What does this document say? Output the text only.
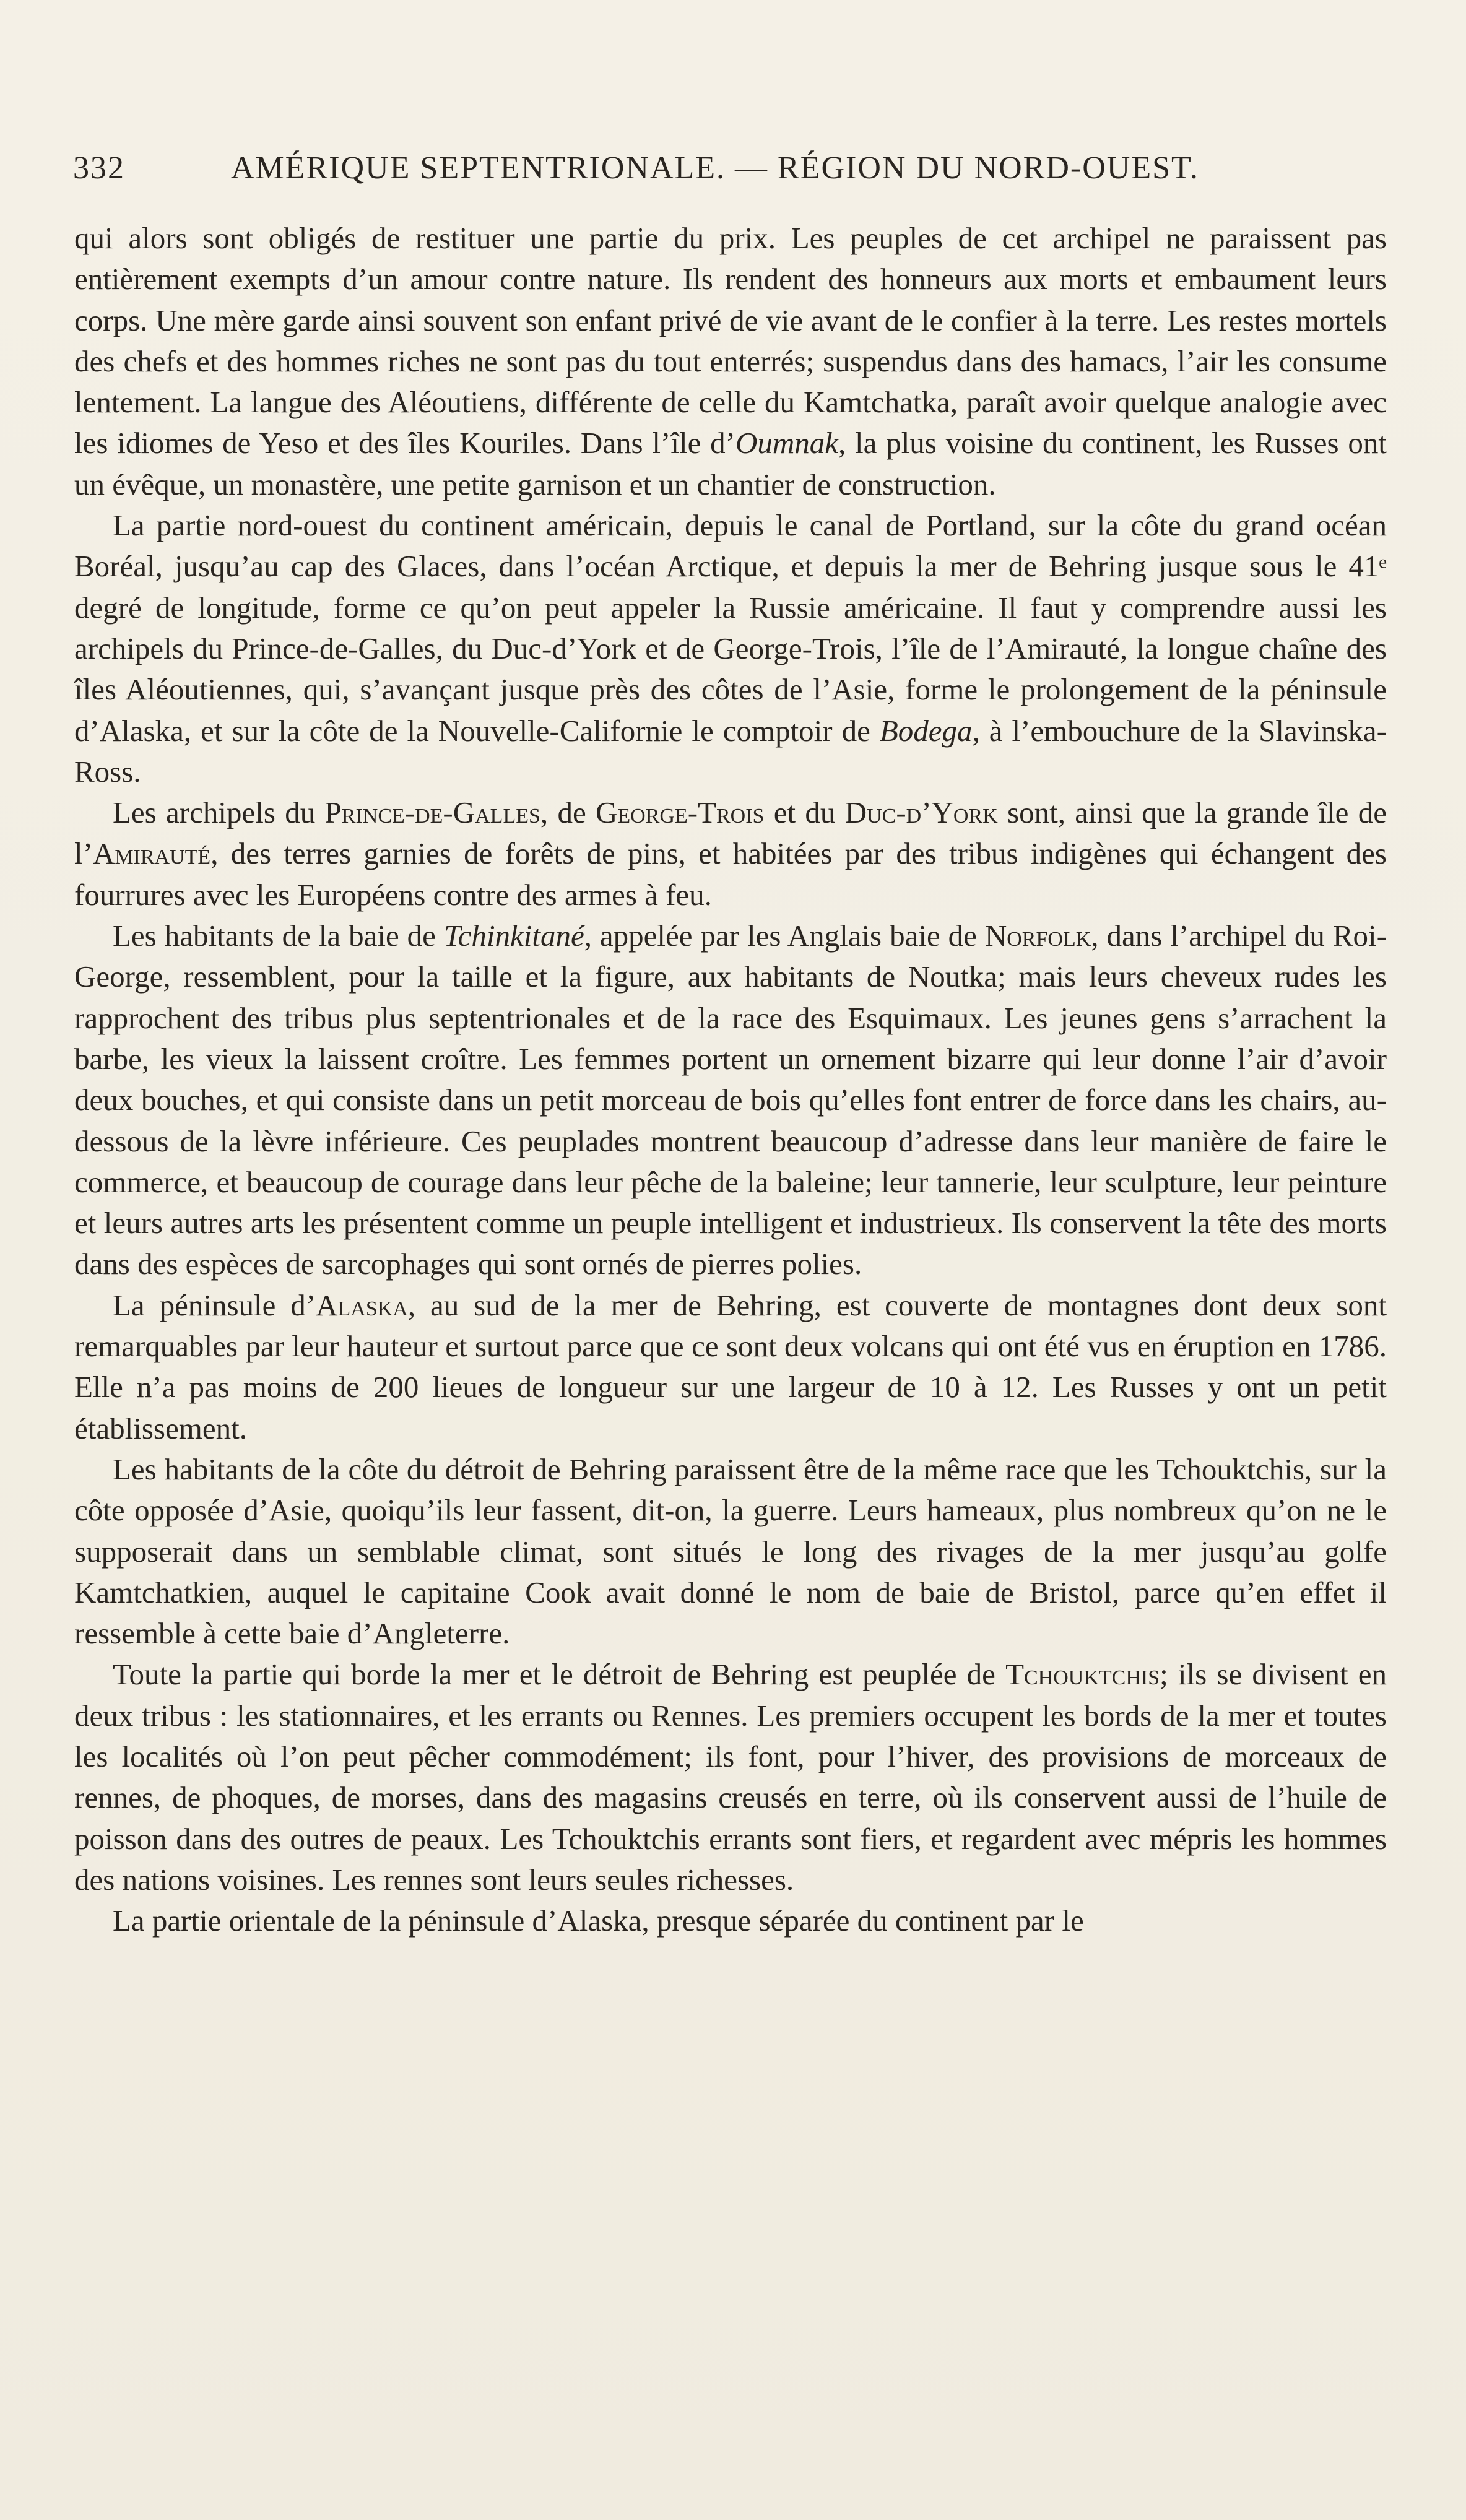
332	AMÉRIQUE SEPTENTRIONALE. — RÉGION DU NORD-OUEST.

qui alors sont obligés de restituer une partie du prix. Les peuples de cet archipel ne paraissent pas entièrement exempts d’un amour contre nature. Ils rendent des honneurs aux morts et embaument leurs corps. Une mère garde ainsi souvent son enfant privé de vie avant de le confier à la terre. Les restes mortels des chefs et des hommes riches ne sont pas du tout enterrés; suspendus dans des hamacs, l’air les consume lentement. La langue des Aléoutiens, différente de celle du Kamtchatka, paraît avoir quelque analogie avec les idiomes de Yeso et des îles Kouriles. Dans l’île d’Oumnak, la plus voisine du continent, les Russes ont un évêque, un monastère, une petite garnison et un chantier de construction.

La partie nord-ouest du continent américain, depuis le canal de Portland, sur la côte du grand océan Boréal, jusqu’au cap des Glaces, dans l’océan Arctique, et depuis la mer de Behring jusque sous le 41ᵉ degré de longitude, forme ce qu’on peut appeler la Russie américaine. Il faut y comprendre aussi les archipels du Prince-de-Galles, du Duc-d’York et de George-Trois, l’île de l’Amirauté, la longue chaîne des îles Aléoutiennes, qui, s’avançant jusque près des côtes de l’Asie, forme le prolongement de la péninsule d’Alaska, et sur la côte de la Nouvelle-Californie le comptoir de Bodega, à l’embouchure de la Slavinska-Ross.

Les archipels du Prince-de-Galles, de George-Trois et du Duc-d’York sont, ainsi que la grande île de l’Amirauté, des terres garnies de forêts de pins, et habitées par des tribus indigènes qui échangent des fourrures avec les Européens contre des armes à feu.

Les habitants de la baie de Tchinkitané, appelée par les Anglais baie de Norfolk, dans l’archipel du Roi-George, ressemblent, pour la taille et la figure, aux habitants de Noutka; mais leurs cheveux rudes les rapprochent des tribus plus septentrionales et de la race des Esquimaux. Les jeunes gens s’arrachent la barbe, les vieux la laissent croître. Les femmes portent un ornement bizarre qui leur donne l’air d’avoir deux bouches, et qui consiste dans un petit morceau de bois qu’elles font entrer de force dans les chairs, au-dessous de la lèvre inférieure. Ces peuplades montrent beaucoup d’adresse dans leur manière de faire le commerce, et beaucoup de courage dans leur pêche de la baleine; leur tannerie, leur sculpture, leur peinture et leurs autres arts les présentent comme un peuple intelligent et industrieux. Ils conservent la tête des morts dans des espèces de sarcophages qui sont ornés de pierres polies.

La péninsule d’Alaska, au sud de la mer de Behring, est couverte de montagnes dont deux sont remarquables par leur hauteur et surtout parce que ce sont deux volcans qui ont été vus en éruption en 1786. Elle n’a pas moins de 200 lieues de longueur sur une largeur de 10 à 12. Les Russes y ont un petit établissement.

Les habitants de la côte du détroit de Behring paraissent être de la même race que les Tchouktchis, sur la côte opposée d’Asie, quoiqu’ils leur fassent, dit-on, la guerre. Leurs hameaux, plus nombreux qu’on ne le supposerait dans un semblable climat, sont situés le long des rivages de la mer jusqu’au golfe Kamtchatkien, auquel le capitaine Cook avait donné le nom de baie de Bristol, parce qu’en effet il ressemble à cette baie d’Angleterre.

Toute la partie qui borde la mer et le détroit de Behring est peuplée de Tchouktchis; ils se divisent en deux tribus : les stationnaires, et les errants ou Rennes. Les premiers occupent les bords de la mer et toutes les localités où l’on peut pêcher commodément; ils font, pour l’hiver, des provisions de morceaux de rennes, de phoques, de morses, dans des magasins creusés en terre, où ils conservent aussi de l’huile de poisson dans des outres de peaux. Les Tchouktchis errants sont fiers, et regardent avec mépris les hommes des nations voisines. Les rennes sont leurs seules richesses.

La partie orientale de la péninsule d’Alaska, presque séparée du continent par le
